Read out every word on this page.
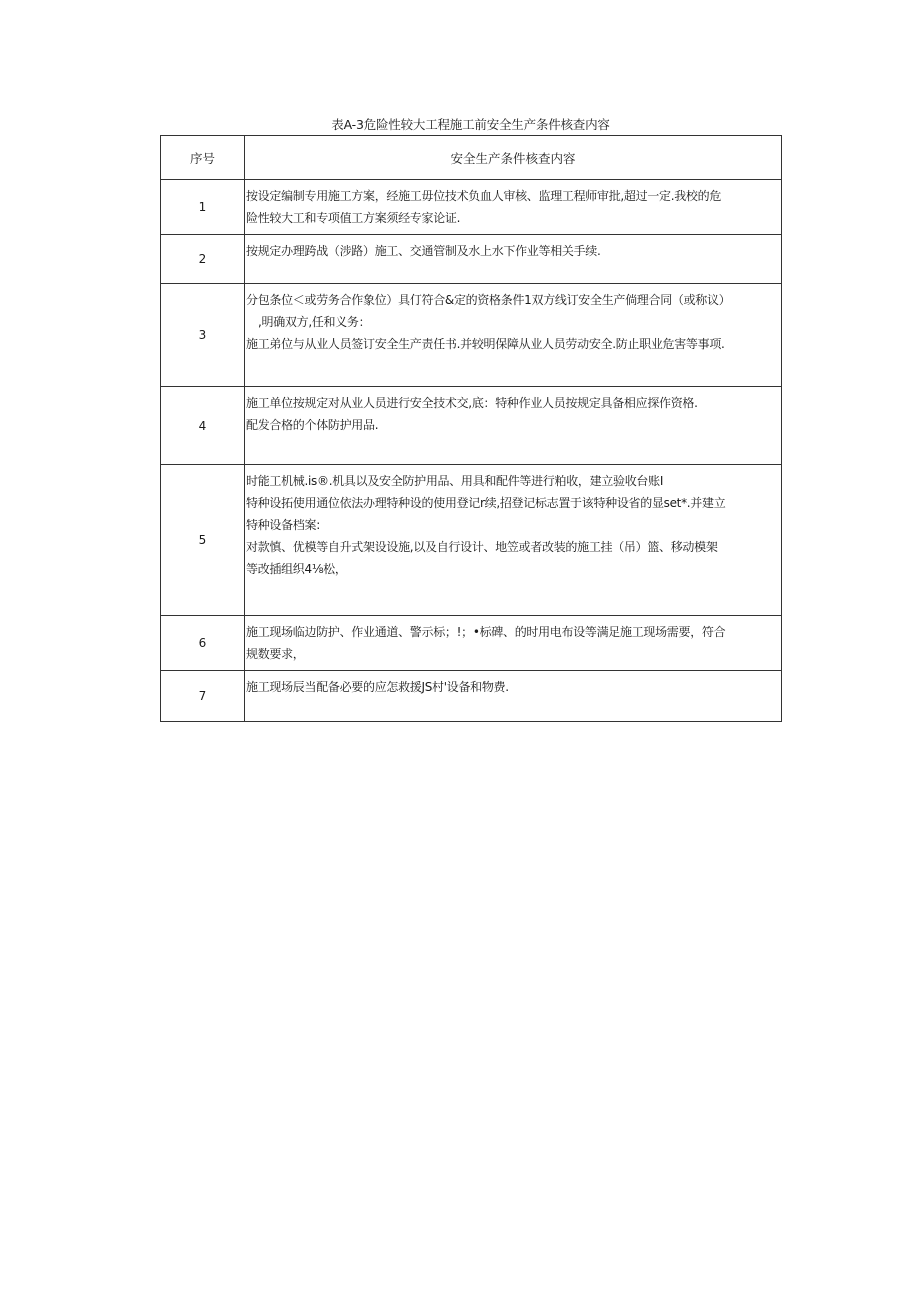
表A-3危险性较大工程施工前安全生产条件核查内容
序号	安全生产条件核查内容
1	按设定编制专用施工方案，经施工毋位技术负血人审核、监理工程师审批,超过一定.我校的危
险性较大工和专项值工方案须经专家论证.

2	按规定办理跨战（涉路）施工、交通管制及水上水下作业等相关手续.

3	分包条位＜或劳务合作象位）具仃符合&定的资格条件1双方线订安全生产倘理合同（或称议）
,明确双方,任和义务：
施工弟位与从业人员签订安全生产责任书.并较明保障从业人员劳动安全.防止职业危害等事项.

4	施工单位按规定对从业人员进行安全技术交,底：特种作业人员按规定具备相应探作资格.
配发合格的个体防护用品.

5	时能工机械.is®.机具以及安全防护用品、用具和配件等进行粕收，建立验收台账I
特种设拓使用通位依法办理特种设的使用登记r续,招登记标志置于该特种设省的显set*.并建立
特种设备档案:
对款慎、优模等自升式架设设施,以及自行设计、地笠或者改装的施工挂（吊）篮、移动模架
等改插组织4⅛松，

6	施工现场临边防护、作业通道、警示标；!；•标碑、的时用电布设等满足施工现场需要，符合
规数要求，

7	施工现场辰当配备必要的应怎救援JS村'设备和物费.
